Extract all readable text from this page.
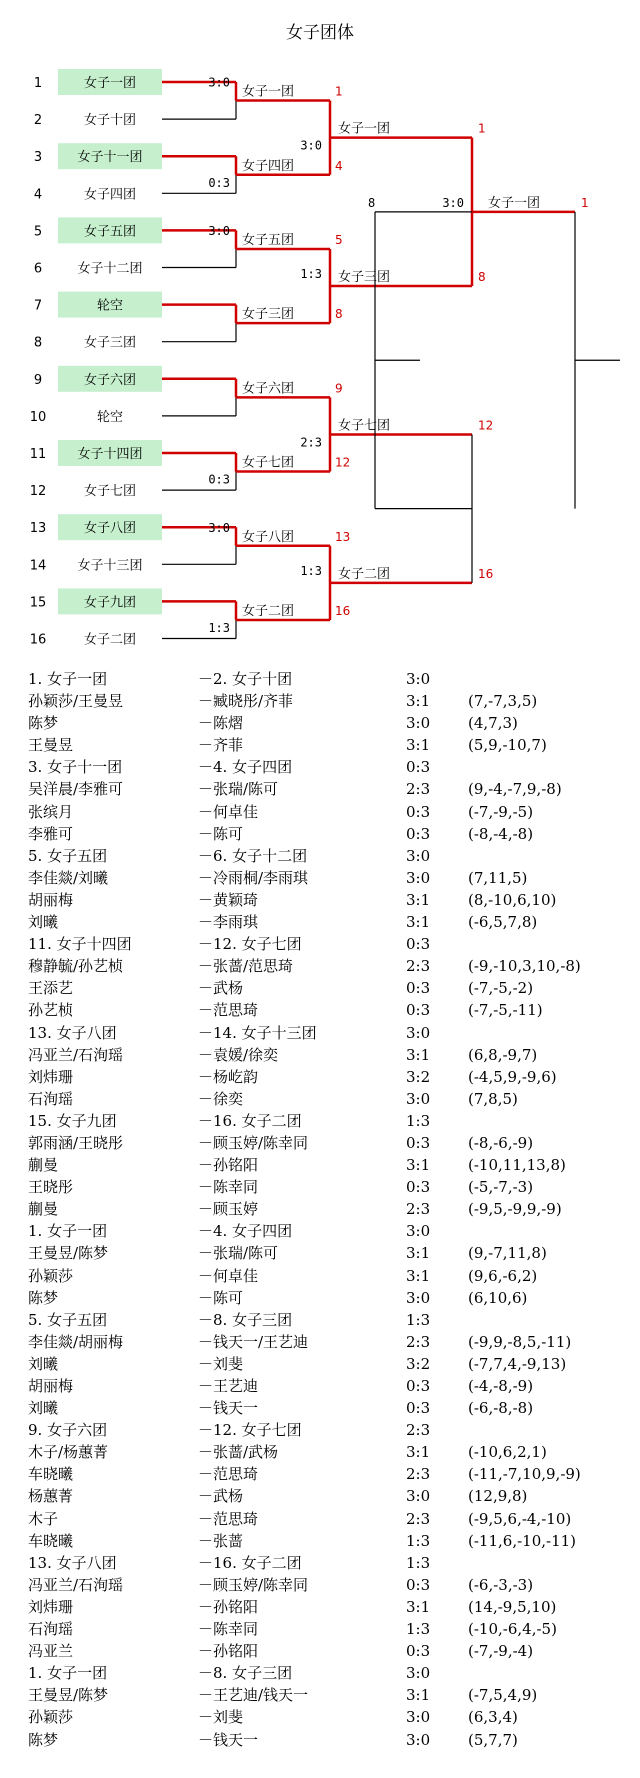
女子团体
1	女子一团
2	女子十团
3	女子十一团
4	女子四团
5	女子五团
6	女子十二团
7	轮空
8	女子三团
9	女子六团
10	轮空
11 女子十四团
12	女子七团
13	女子八团
14 女子十三团
15	女子九团
16	女子二团
女子一团	1
3:0
女子四团	4
0:3
女子五团	5
3:0
女子三团	8
女子六团	9
女子七团	12
0:3
女子八团	13
3:0
女子二团	16
1:3
女子一团	1
3:0
女子三团	8
1:3
女子七团	12
2:3
女子二团	16
1:3
女子一团	1
3:0
8
1. 女子一团	－2. 女子十团	3:0
孙颖莎/王曼昱	－臧晓彤/齐菲	3:1	(7,-7,3,5)
陈梦	－陈熠	3:0	(4,7,3)
王曼昱	－齐菲	3:1	(5,9,-10,7)
3. 女子十一团	－4. 女子四团	0:3
吴洋晨/李雅可	－张瑞/陈可	2:3	(9,-4,-7,9,-8)
张缤月	－何卓佳	0:3	(-7,-9,-5)
李雅可	－陈可	0:3	(-8,-4,-8)
5. 女子五团	－6. 女子十二团	3:0
李佳燚/刘曦	－冷雨桐/李雨琪	3:0	(7,11,5)
胡丽梅	－黄颖琦	3:1	(8,-10,6,10)
刘曦	－李雨琪	3:1	(-6,5,7,8)
11. 女子十四团	－12. 女子七团	0:3
穆静毓/孙艺桢	－张蔷/范思琦	2:3	(-9,-10,3,10,-8)
王添艺	－武杨	0:3	(-7,-5,-2)
孙艺桢	－范思琦	0:3	(-7,-5,-11)
13. 女子八团	－14. 女子十三团	3:0
冯亚兰/石洵瑶	－袁媛/徐奕	3:1	(6,8,-9,7)
刘炜珊	－杨屹韵	3:2	(-4,5,9,-9,6)
石洵瑶	－徐奕	3:0	(7,8,5)
15. 女子九团	－16. 女子二团	1:3
郭雨涵/王晓彤	－顾玉婷/陈幸同	0:3	(-8,-6,-9)
蒯曼	－孙铭阳	3:1	(-10,11,13,8)
王晓彤	－陈幸同	0:3	(-5,-7,-3)
蒯曼	－顾玉婷	2:3	(-9,5,-9,9,-9)
1. 女子一团	－4. 女子四团	3:0
王曼昱/陈梦	－张瑞/陈可	3:1	(9,-7,11,8)
孙颖莎	－何卓佳	3:1	(9,6,-6,2)
陈梦	－陈可	3:0	(6,10,6)
5. 女子五团	－8. 女子三团	1:3
李佳燚/胡丽梅	－钱天一/王艺迪	2:3	(-9,9,-8,5,-11)
刘曦	－刘斐	3:2	(-7,7,4,-9,13)
胡丽梅	－王艺迪	0:3	(-4,-8,-9)
刘曦	－钱天一	0:3	(-6,-8,-8)
9. 女子六团	－12. 女子七团	2:3
木子/杨蕙菁	－张蔷/武杨	3:1	(-10,6,2,1)
车晓曦	－范思琦	2:3	(-11,-7,10,9,-9)
杨蕙菁	－武杨	3:0	(12,9,8)
木子	－范思琦	2:3	(-9,5,6,-4,-10)
车晓曦	－张蔷	1:3	(-11,6,-10,-11)
13. 女子八团	－16. 女子二团	1:3
冯亚兰/石洵瑶	－顾玉婷/陈幸同	0:3	(-6,-3,-3)
刘炜珊	－孙铭阳	3:1	(14,-9,5,10)
石洵瑶	－陈幸同	1:3	(-10,-6,4,-5)
冯亚兰	－孙铭阳	0:3	(-7,-9,-4)
1. 女子一团	－8. 女子三团	3:0
王曼昱/陈梦	－王艺迪/钱天一	3:1	(-7,5,4,9)
孙颖莎	－刘斐	3:0	(6,3,4)
陈梦	－钱天一	3:0	(5,7,7)
